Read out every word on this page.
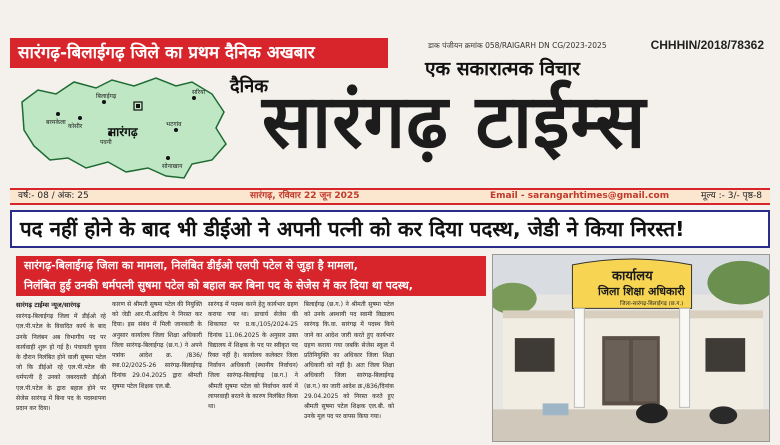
सारंगढ़-बिलाईगढ़ जिले का प्रथम दैनिक अखबार	डाक पंजीयन क्रमांक 058/RAIGARH DN CG/2023-2025	CHHHIN/2018/78362
एक सकारात्मक विचार
दैनिक
सारंगढ़ टाईम्स
सारंगढ़
बरमकेला
कोसीर
बिलाईगढ़
सरिया
भटगांव
पवनी
सोनाखान
वर्ष:- 08 / अंक: 25	सारंगढ़, रविवार 22 जून 2025	Email - sarangarhtimes@gmail.com	मूल्य :- 3/- पृष्ठ-8
पद नहीं होने के बाद भी डीईओ ने अपनी पत्नी को कर दिया पदस्थ, जेडी ने किया निरस्त!
सारंगढ़-बिलाईगढ़ जिला का मामला, निलंबित डीईओ एलपी पटेल से जुड़ा है मामला,
निलंबित हुई उनकी धर्मपत्नी सुषमा पटेल को बहाल कर बिना पद के सेजेस में कर दिया था पदस्थ,
सारंगढ़ टाईम्स न्यूज/सारंगढ़
सारंगढ़-बिलाईगढ़ जिला में डीईओ रहे एल.पी.पटेल के विवादित कार्य के बाद उनके निलंबन अब विभागीय पद पर कार्यवाही शुरू हो गई है। पंचायती चुनाव के दौरान निलंबित होने वाली सुषमा पटेल जो कि डीईओ रहे एल.पी.पटेल की धर्मपत्नी है उनको जबरदस्ती डीईओ एल.पी.पटेल के द्वारा बहाल होने पर सेजेस सारंगढ़ में बिना पद के पदस्थापना प्रदान कर दिया।
कारण से श्रीमती सुषमा पटेल की नियुक्ति को जेडी आर.पी.आदित्य ने निरस्त कर दिया। इस संबंध में मिली जानकारी के अनुसार कार्यालय जिला शिक्षा अधिकारी जिला सारंगढ़-बिलाईगढ़ (छ.ग.) ने अपने पत्रांक आदेश क्र. /836/स्था.02/2025-26 सारंगढ़-बिलाईगढ़ दिनांक 29.04.2025 द्वारा श्रीमती सुषमा पटेल शिक्षक एल.बी.
सारंगढ़ में पदस्थ करने हेतु कार्यभार ग्रहण कराया गया था। प्राचार्य सेजेस की शिकायत पर प्र.क./105/2024-25 दिनांक 11.06.2025 के अनुसार उक्त विद्यालय में शिक्षक के पद पर स्वीकृत पद रिक्त नहीं है। कार्यालय कलेक्टर जिला निर्वाचन अधिकारी (स्थानीय निर्वाचन) जिला सारंगढ़-बिलाईगढ़ (छ.ग.) ने श्रीमती सुषमा पटेल को निर्वाचन कार्य में लापरवाही बरतने के कारण निलंबित किया था।
बिलाईगढ़ (छ.ग.) ने श्रीमती सुषमा पटेल को उनके अस्थायी पद स्वामी विद्यालय सारंगढ़ कि.वा. सारंगढ़ में पदस्थ किये जाने का आदेश जारी करते हुए कार्यभार ग्रहण कराया गया जबकि सेजेस स्कूल में प्रतिनियुक्ति का अधिकार जिला शिक्षा अधिकारी को नहीं है। अतः जिला शिक्षा अधिकारी जिला सारंगढ़-बिलाईगढ़ (छ.ग.) का जारी आदेश क्र./836/दिनांक 29.04.2025 को निरस्त करते हुए श्रीमती सुषमा पटेल शिक्षक एल.बी. को उनके मूल पद पर वापस किया गया।
कार्यालय
जिला शिक्षा अधिकारी
जिला-सारंगढ़-बिलाईगढ़ (छ.ग.)
